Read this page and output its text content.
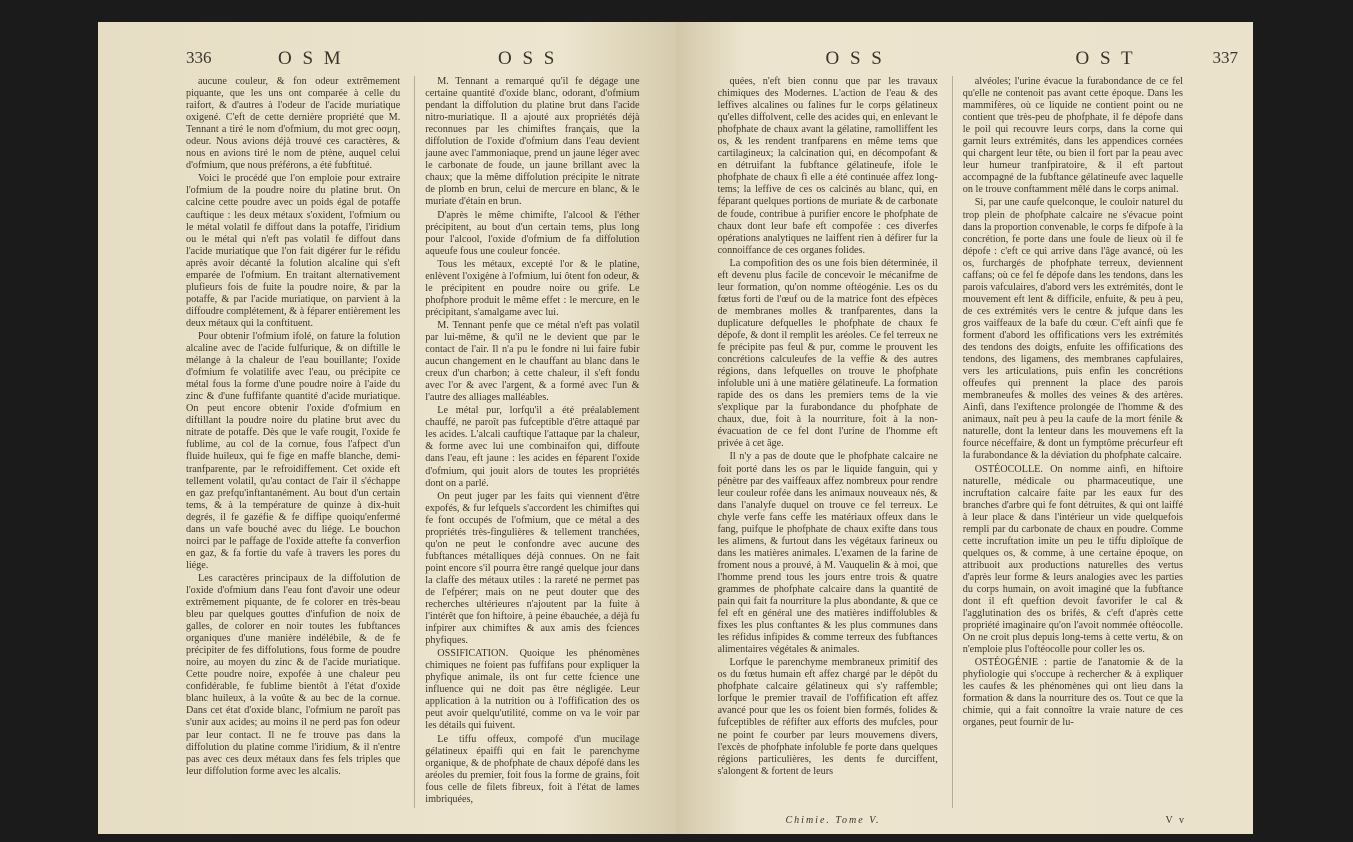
336	O S M	O S S

aucune couleur, & fon odeur extrêmement piquante, que les uns ont comparée à celle du raifort, & d'autres à l'odeur de l'acide muriatique oxigené. C'eft de cette dernière propriété que M. Tennant a tiré le nom d'ofmium, du mot grec οσμη, odeur. Nous avions déjà trouvé ces caractères, & nous en avions tiré le nom de ptène, auquel celui d'ofmium, que nous préférons, a été fubftitué.

Voici le procédé que l'on emploie pour extraire l'ofmium de la poudre noire du platine brut. On calcine cette poudre avec un poids égal de potaffe cauftique : les deux métaux s'oxident, l'ofmium ou le métal volatil fe diffout dans la potaffe, l'iridium ou le métal qui n'eft pas volatil fe diffout dans l'acide muriatique que l'on fait digérer fur le réfidu après avoir décanté la folution alcaline qui s'eft emparée de l'ofmium. En traitant alternativement plufieurs fois de fuite la poudre noire, & par la potaffe, & par l'acide muriatique, on parvient à la diffoudre complétement, & à féparer entièrement les deux métaux qui la conftituent.

Pour obtenir l'ofmium ifolé, on fature la folution alcaline avec de l'acide fulfurique, & on diftille le mélange à la chaleur de l'eau bouillante; l'oxide d'ofmium fe volatilife avec l'eau, ou précipite ce métal fous la forme d'une poudre noire à l'aide du zinc & d'une fuffifante quantité d'acide muriatique. On peut encore obtenir l'oxide d'ofmium en diftillant la poudre noire du platine brut avec du nitrate de potaffe. Dès que le vafe rougit, l'oxide fe fublime, au col de la cornue, fous l'afpect d'un fluide huileux, qui fe fige en maffe blanche, demi-tranfparente, par le refroidiffement. Cet oxide eft tellement volatil, qu'au contact de l'air il s'échappe en gaz prefqu'inftantanément. Au bout d'un certain tems, & à la température de quinze à dix-huit degrés, il fe gazéfie & fe diffipe quoiqu'enfermé dans un vafe bouché avec du liége. Le bouchon noirci par le paffage de l'oxide attefte fa converfion en gaz, & fa fortie du vafe à travers les pores du liége.

Les caractères principaux de la diffolution de l'oxide d'ofmium dans l'eau font d'avoir une odeur extrêmement piquante, de fe colorer en très-beau bleu par quelques gouttes d'infufion de noix de galles, de colorer en noir toutes les fubftances organiques d'une manière indélébile, & de fe précipiter de fes diffolutions, fous forme de poudre noire, au moyen du zinc & de l'acide muriatique. Cette poudre noire, expofée à une chaleur peu confidérable, fe fublime bientôt à l'état d'oxide blanc huileux, à la voûte & au bec de la cornue. Dans cet état d'oxide blanc, l'ofmium ne paroît pas s'unir aux acides; au moins il ne perd pas fon odeur par leur contact. Il ne fe trouve pas dans la diffolution du platine comme l'iridium, & il n'entre pas avec ces deux métaux dans fes fels triples que leur diffolution forme avec les alcalis.

M. Tennant a remarqué qu'il fe dégage une certaine quantité d'oxide blanc, odorant, d'ofmium pendant la diffolution du platine brut dans l'acide nitro-muriatique. Il a ajouté aux propriétés déjà reconnues par les chimiftes français, que la diffolution de l'oxide d'ofmium dans l'eau devient jaune avec l'ammoniaque, prend un jaune léger avec le carbonate de foude, un jaune brillant avec la chaux; que la même diffolution précipite le nitrate de plomb en brun, celui de mercure en blanc, & le muriate d'étain en brun.

D'après le même chimifte, l'alcool & l'éther précipitent, au bout d'un certain tems, plus long pour l'alcool, l'oxide d'ofmium de fa diffolution aqueufe fous une couleur foncée.

Tous les métaux, excepté l'or & le platine, enlèvent l'oxigène à l'ofmium, lui ôtent fon odeur, & le précipitent en poudre noire ou grife. Le phofphore produit le même effet : le mercure, en le précipitant, s'amalgame avec lui.

M. Tennant penfe que ce métal n'eft pas volatil par lui-même, & qu'il ne le devient que par le contact de l'air. Il n'a pu le fondre ni lui faire fubir aucun changement en le chauffant au blanc dans le creux d'un charbon; à cette chaleur, il s'eft fondu avec l'or & avec l'argent, & a formé avec l'un & l'autre des alliages malléables.

Le métal pur, lorfqu'il a été préalablement chauffé, ne paroît pas fufceptible d'être attaqué par les acides. L'alcali cauftique l'attaque par la chaleur, & forme avec lui une combinaifon qui, diffoute dans l'eau, eft jaune : les acides en féparent l'oxide d'ofmium, qui jouit alors de toutes les propriétés dont on a parlé.

On peut juger par les faits qui viennent d'être expofés, & fur lefquels s'accordent les chimiftes qui fe font occupés de l'ofmium, que ce métal a des propriétés très-fingulières & tellement tranchées, qu'on ne peut le confondre avec aucune des fubftances métalliques déjà connues. On ne fait point encore s'il pourra être rangé quelque jour dans la claffe des métaux utiles : la rareté ne permet pas de l'efpérer; mais on ne peut douter que des recherches ultérieures n'ajoutent par la fuite à l'intérêt que fon hiftoire, à peine ébauchée, a déjà fu infpirer aux chimiftes & aux amis des fciences phyfiques.

OSSIFICATION. Quoique les phénomènes chimiques ne foient pas fuffifans pour expliquer la phyfique animale, ils ont fur cette fcience une influence qui ne doit pas être négligée. Leur application à la nutrition ou à l'offification des os peut avoir quelqu'utilité, comme on va le voir par les détails qui fuivent.

Le tiffu offeux, compofé d'un mucilage gélatineux épaiffi qui en fait le parenchyme organique, & de phofphate de chaux dépofé dans les aréoles du premier, foit fous la forme de grains, foit fous celle de filets fibreux, foit à l'état de lames imbriquées,

O S S	O S T	337

quées, n'eft bien connu que par les travaux chimiques des Modernes. L'action de l'eau & des leffives alcalines ou falines fur le corps gélatineux qu'elles diffolvent, celle des acides qui, en enlevant le phofphate de chaux avant la gélatine, ramolliffent les os, & les rendent tranfparens en même tems que cartilagineux; la calcination qui, en décompofant & en détruifant la fubftance gélatineufe, ifole le phofphate de chaux fi elle a été continuée affez long-tems; la leffive de ces os calcinés au blanc, qui, en féparant quelques portions de muriate & de carbonate de foude, contribue à purifier encore le phofphate de chaux dont leur bafe eft compofée : ces diverfes opérations analytiques ne laiffent rien à défirer fur la connoiffance de ces organes folides.

La compofition des os une fois bien déterminée, il eft devenu plus facile de concevoir le mécanifme de leur formation, qu'on nomme oftéogénie. Les os du fœtus forti de l'œuf ou de la matrice font des efpèces de membranes molles & tranfparentes, dans la duplicature defquelles le phofphate de chaux fe dépofe, & dont il remplit les aréoles. Ce fel terreux ne fe précipite pas feul & pur, comme le prouvent les concrétions calculeufes de la veffie & des autres régions, dans lefquelles on trouve le phofphate infoluble uni à une matière gélatineufe. La formation rapide des os dans les premiers tems de la vie s'explique par la furabondance du phofphate de chaux, due, foit à la nourriture, foit à la non-évacuation de ce fel dont l'urine de l'homme eft privée à cet âge.

Il n'y a pas de doute que le phofphate calcaire ne foit porté dans les os par le liquide fanguin, qui y pénètre par des vaiffeaux affez nombreux pour rendre leur couleur rofée dans les animaux nouveaux nés, & dans l'analyfe duquel on trouve ce fel terreux. Le chyle verfe fans ceffe les matériaux offeux dans le fang, puifque le phofphate de chaux exifte dans tous les alimens, & furtout dans les végétaux farineux ou dans les matières animales. L'examen de la farine de froment nous a prouvé, à M. Vauquelin & à moi, que l'homme prend tous les jours entre trois & quatre grammes de phofphate calcaire dans la quantité de pain qui fait fa nourriture la plus abondante, & que ce fel eft en général une des matières indiffolubles & fixes les plus conftantes & les plus communes dans les réfidus infipides & comme terreux des fubftances alimentaires végétales & animales.

Lorfque le parenchyme membraneux primitif des os du fœtus humain eft affez chargé par le dépôt du phofphate calcaire gélatineux qui s'y raffemble; lorfque le premier travail de l'offification eft affez avancé pour que les os foient bien formés, folides & fufceptibles de réfifter aux efforts des mufcles, pour ne point fe courber par leurs mouvemens divers, l'excès de phofphate infoluble fe porte dans quelques régions particulières, les dents fe durciffent, s'alongent & fortent de leurs

alvéoles; l'urine évacue la furabondance de ce fel qu'elle ne contenoit pas avant cette époque. Dans les mammifères, où ce liquide ne contient point ou ne contient que très-peu de phofphate, il fe dépofe dans le poil qui recouvre leurs corps, dans la corne qui garnit leurs extrémités, dans les appendices cornées qui chargent leur tête, ou bien il fort par la peau avec leur humeur tranfpiratoire, & il eft partout accompagné de la fubftance gélatineufe avec laquelle on le trouve conftamment mêlé dans le corps animal.

Si, par une caufe quelconque, le couloir naturel du trop plein de phofphate calcaire ne s'évacue point dans la proportion convenable, le corps fe difpofe à la concrétion, fe porte dans une foule de lieux où il fe dépofe : c'eft ce qui arrive dans l'âge avancé, où les os, furchargés de phofphate terreux, deviennent caffans; où ce fel fe dépofe dans les tendons, dans les parois vafculaires, d'abord vers les extrémités, dont le mouvement eft lent & difficile, enfuite, & peu à peu, de ces extrémités vers le centre & jufque dans les gros vaiffeaux de la bafe du cœur. C'eft ainfi que fe forment d'abord les offifications vers les extrémités des tendons des doigts, enfuite les offifications des tendons, des ligamens, des membranes capfulaires, vers les articulations, puis enfin les concrétions offeufes qui prennent la place des parois membraneufes & molles des veines & des artères. Ainfi, dans l'exiftence prolongée de l'homme & des animaux, naît peu à peu la caufe de la mort fénile & naturelle, dont la lenteur dans les mouvemens eft la fource néceffaire, & dont un fymptôme précurfeur eft la furabondance & la déviation du phofphate calcaire.

OSTÉOCOLLE. On nomme ainfi, en hiftoire naturelle, médicale ou pharmaceutique, une incruftation calcaire faite par les eaux fur des branches d'arbre qui fe font détruites, & qui ont laiffé à leur place & dans l'intérieur un vide quelquefois rempli par du carbonate de chaux en poudre. Comme cette incruftation imite un peu le tiffu diploïque de quelques os, & comme, à une certaine époque, on attribuoit aux productions naturelles des vertus d'après leur forme & leurs analogies avec les parties du corps humain, on avoit imaginé que la fubftance dont il eft queftion devoit favorifer le cal & l'agglutination des os brifés, & c'eft d'après cette propriété imaginaire qu'on l'avoit nommée oftéocolle. On ne croit plus depuis long-tems à cette vertu, & on n'emploie plus l'oftéocolle pour coller les os.

OSTÉOGÉNIE : partie de l'anatomie & de la phyfiologie qui s'occupe à rechercher & à expliquer les caufes & les phénomènes qui ont lieu dans la formation & dans la nourriture des os. Tout ce que la chimie, qui a fait connoître la vraie nature de ces organes, peut fournir de lu-

Chimie. Tome V.	V v
